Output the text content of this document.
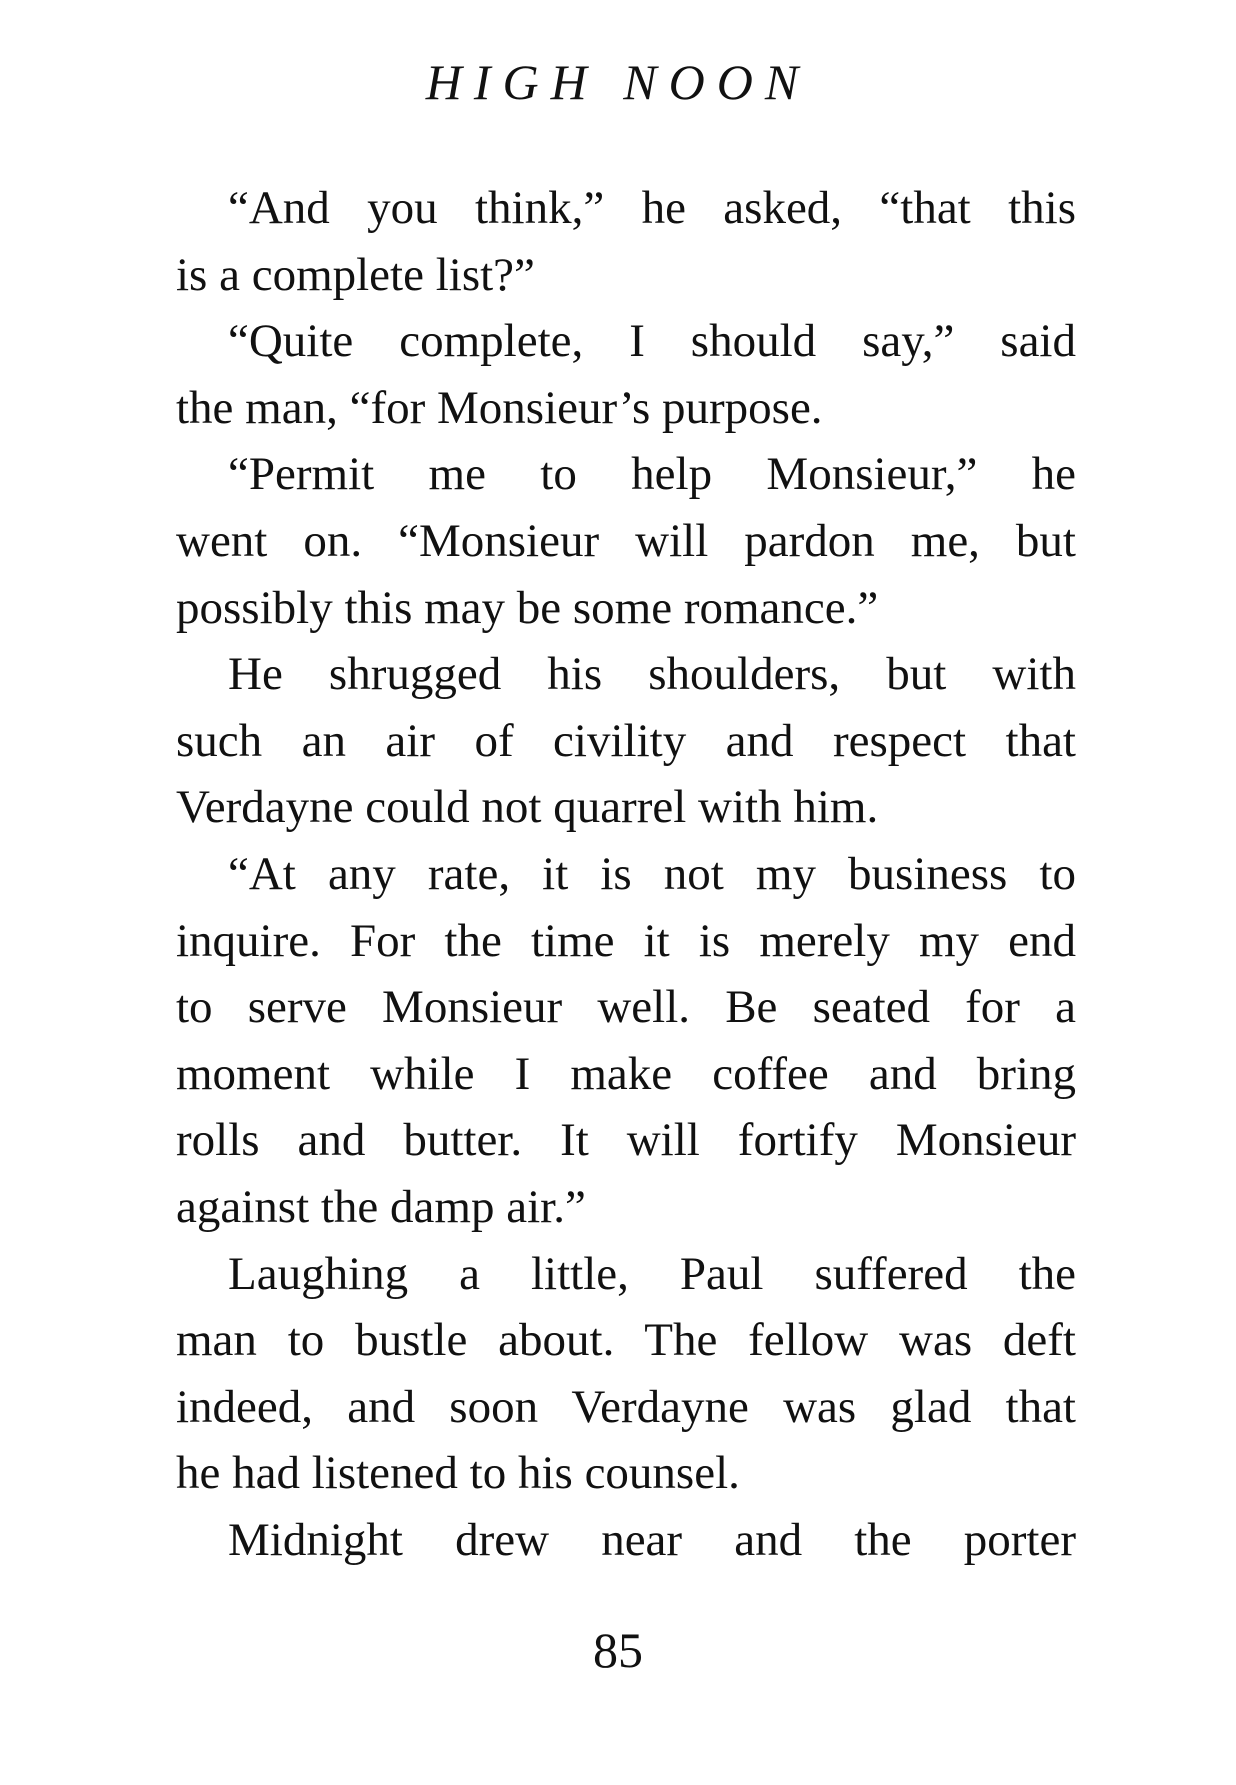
HIGH NOON
“And you think,” he asked, “that this
is a complete list?”
“Quite complete, I should say,” said
the man, “for Monsieur’s purpose.
“Permit me to help Monsieur,” he
went on. “Monsieur will pardon me, but
possibly this may be some romance.”
He shrugged his shoulders, but with
such an air of civility and respect that
Verdayne could not quarrel with him.
“At any rate, it is not my business to
inquire. For the time it is merely my end
to serve Monsieur well. Be seated for a
moment while I make coffee and bring
rolls and butter. It will fortify Monsieur
against the damp air.”
Laughing a little, Paul suffered the
man to bustle about. The fellow was deft
indeed, and soon Verdayne was glad that
he had listened to his counsel.
Midnight drew near and the porter
85
